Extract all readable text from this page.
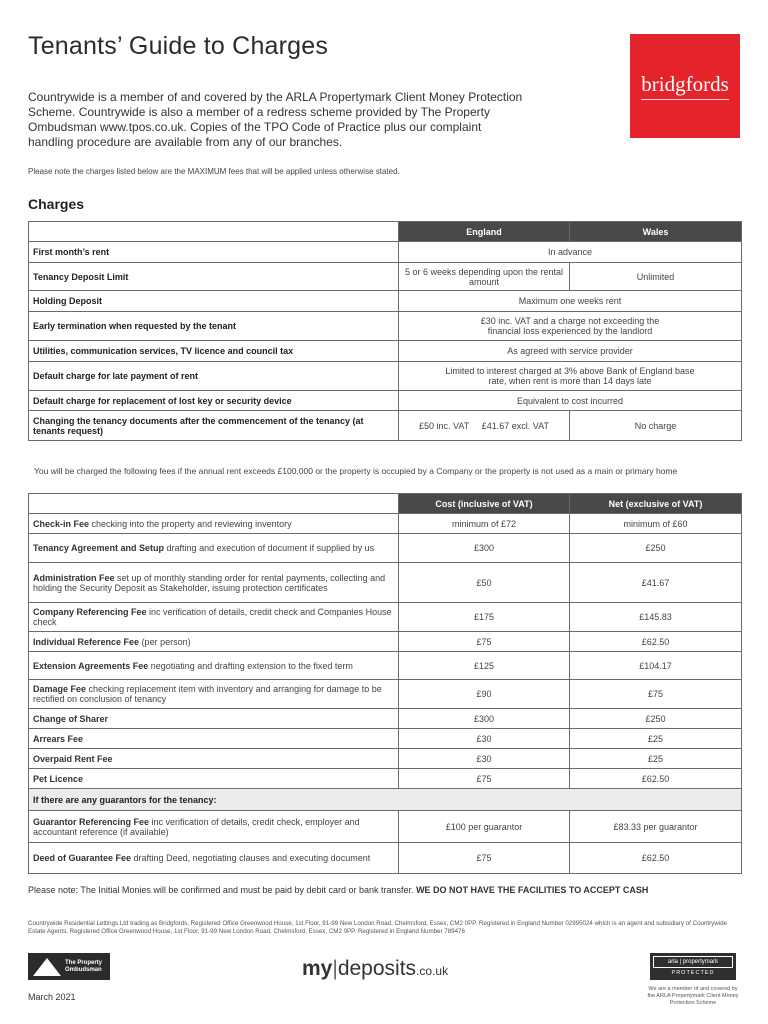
Tenants’ Guide to Charges
bridgfords

Countrywide is a member of and covered by the ARLA Propertymark Client Money Protection Scheme. Countrywide is also a member of a redress scheme provided by The Property Ombudsman www.tpos.co.uk. Copies of the TPO Code of Practice plus our complaint handling procedure are available from any of our branches.

Please note the charges listed below are the MAXIMUM fees that will be applied unless otherwise stated.

Charges
	England	Wales
First month’s rent	In advance	
Tenancy Deposit Limit	5 or 6 weeks depending upon the rental amount	Unlimited
Holding Deposit	Maximum one weeks rent	
Early termination when requested by the tenant	£30 inc. VAT and a charge not exceeding the financial loss experienced by the landlord	
Utilities, communication services, TV licence and council tax	As agreed with service provider	
Default charge for late payment of rent	Limited to interest charged at 3% above Bank of England base rate, when rent is more than 14 days late	
Default charge for replacement of lost key or security device	Equivalent to cost incurred	
Changing the tenancy documents after the commencement of the tenancy (at tenants request)	£50 inc. VAT £41.67 excl. VAT	No charge

You will be charged the following fees if the annual rent exceeds £100,000 or the property is occupied by a Company or the property is not used as a main or primary home

	Cost (inclusive of VAT)	Net (exclusive of VAT)
Check-in Fee checking into the property and reviewing inventory	minimum of £72	minimum of £60
Tenancy Agreement and Setup drafting and execution of document if supplied by us	£300	£250
Administration Fee set up of monthly standing order for rental payments, collecting and holding the Security Deposit as Stakeholder, issuing protection certificates	£50	£41.67
Company Referencing Fee inc verification of details, credit check and Companies House check	£175	£145.83
Individual Reference Fee (per person)	£75	£62.50
Extension Agreements Fee negotiating and drafting extension to the fixed term	£125	£104.17
Damage Fee checking replacement item with inventory and arranging for damage to be rectified on conclusion of tenancy	£90	£75
Change of Sharer	£300	£250
Arrears Fee	£30	£25
Overpaid Rent Fee	£30	£25
Pet Licence	£75	£62.50
If there are any guarantors for the tenancy:		
Guarantor Referencing Fee inc verification of details, credit check, employer and accountant reference (if available)	£100 per guarantor	£83.33 per guarantor
Deed of Guarantee Fee drafting Deed, negotiating clauses and executing document	£75	£62.50

Please note: The Initial Monies will be confirmed and must be paid by debit card or bank transfer. WE DO NOT HAVE THE FACILITIES TO ACCEPT CASH

Countrywide Residential Lettings Ltd trading as Bridgfords, Registered Office Greenwood House, 1st Floor, 91-99 New London Road, Chelmsford, Essex, CM2 0PP. Registered in England Number 02995024 which is an agent and subsidiary of Countrywide Estate Agents, Registered Office Greenwood House, 1st Floor, 91-99 New London Road, Chelmsford, Essex, CM2 0PP. Registered in England Number 789476

The Property
Ombudsman

March 2021

my|deposits.co.uk

arla | propertymark
PROTECTED

We are a member of and covered by the ARLA Propertymark Client Money Protection Scheme
